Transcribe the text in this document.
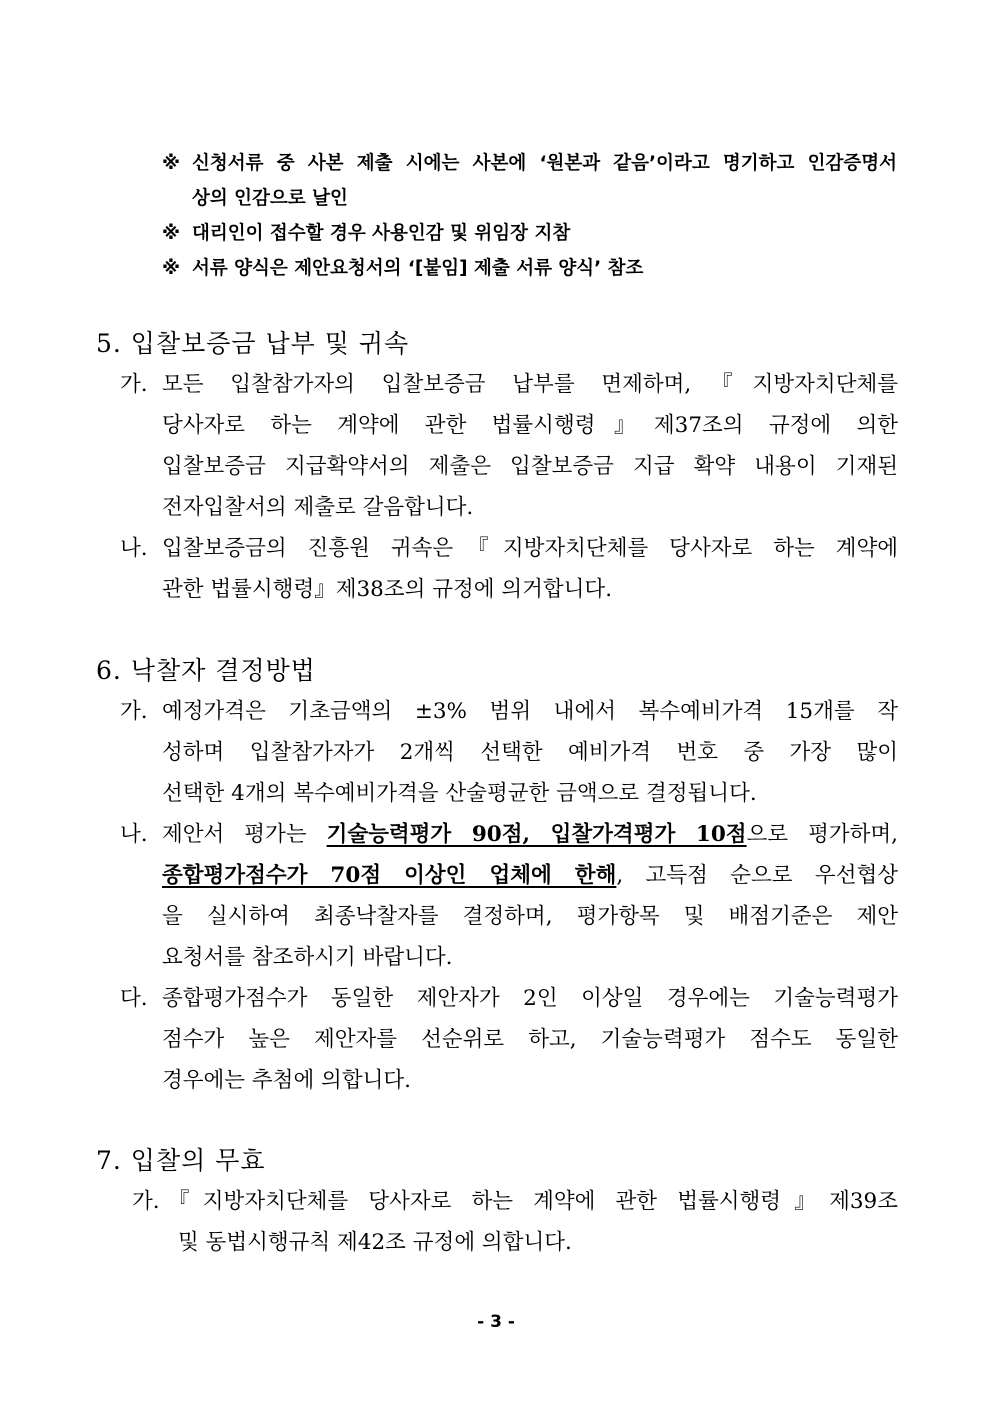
※ 신청서류 중 사본 제출 시에는 사본에 ‘원본과 같음’이라고 명기하고 인감증명서
상의 인감으로 날인
※ 대리인이 접수할 경우 사용인감 및 위임장 지참
※ 서류 양식은 제안요청서의 ‘[붙임] 제출 서류 양식’ 참조
5. 입찰보증금 납부 및 귀속
가. 모든 입찰참가자의 입찰보증금 납부를 면제하며,『지방자치단체를
당사자로 하는 계약에 관한 법률시행령』제37조의 규정에 의한
입찰보증금 지급확약서의 제출은 입찰보증금 지급 확약 내용이 기재된
전자입찰서의 제출로 갈음합니다.
나. 입찰보증금의 진흥원 귀속은『지방자치단체를 당사자로 하는 계약에
관한 법률시행령』제38조의 규정에 의거합니다.
6. 낙찰자 결정방법
가. 예정가격은 기초금액의 ±3% 범위 내에서 복수예비가격 15개를 작
성하며 입찰참가자가 2개씩 선택한 예비가격 번호 중 가장 많이
선택한 4개의 복수예비가격을 산술평균한 금액으로 결정됩니다.
나. 제안서 평가는 기술능력평가 90점, 입찰가격평가 10점으로 평가하며,
종합평가점수가 70점 이상인 업체에 한해, 고득점 순으로 우선협상
을 실시하여 최종낙찰자를 결정하며, 평가항목 및 배점기준은 제안
요청서를 참조하시기 바랍니다.
다. 종합평가점수가 동일한 제안자가 2인 이상일 경우에는 기술능력평가
점수가 높은 제안자를 선순위로 하고, 기술능력평가 점수도 동일한
경우에는 추첨에 의합니다.
7. 입찰의 무효
가. 『지방자치단체를 당사자로 하는 계약에 관한 법률시행령』제39조
및 동법시행규칙 제42조 규정에 의합니다.
- 3 -
